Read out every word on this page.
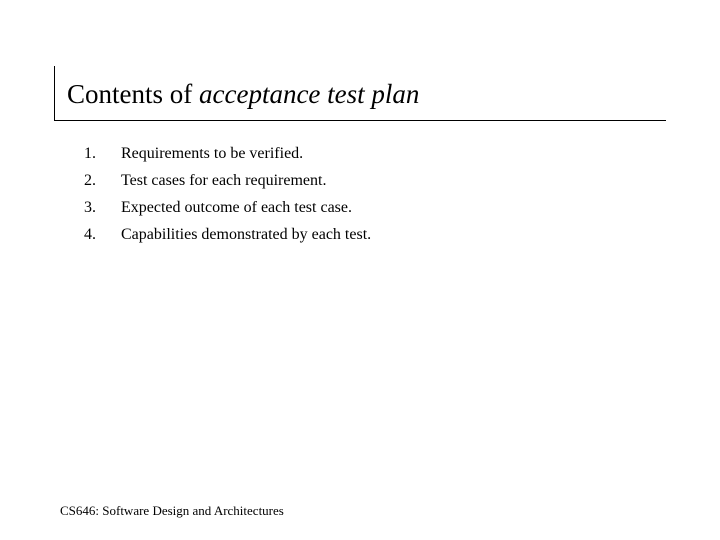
Contents of acceptance test plan
1.	Requirements to be verified.
2.	Test cases for each requirement.
3.	Expected outcome of each test case.
4.	Capabilities demonstrated by each test.
CS646: Software Design and Architectures
